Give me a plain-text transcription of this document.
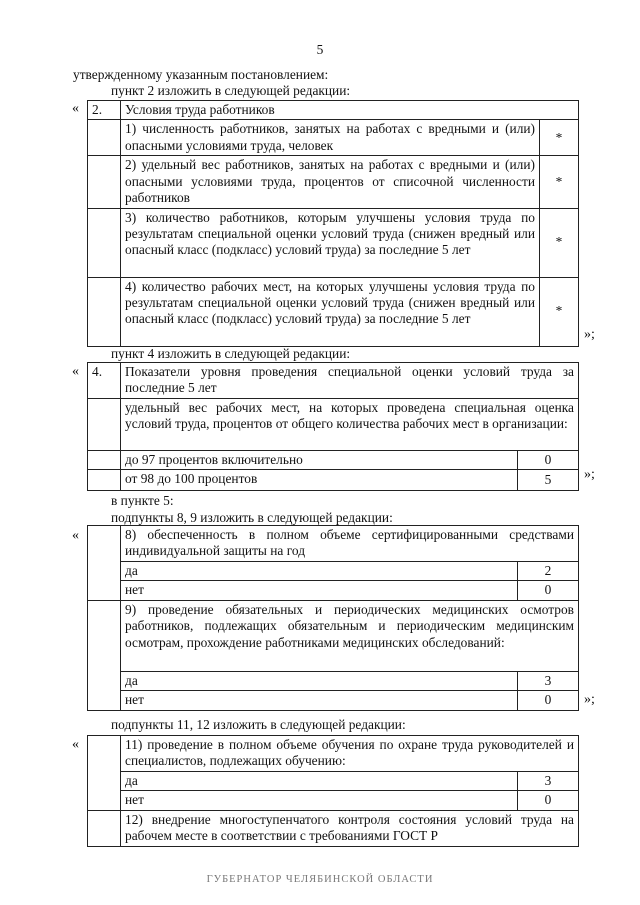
5
утвержденному указанным постановлением:
пункт 2 изложить в следующей редакции:
« 2.	Условия труда работников	
	1) численность работников, занятых на работах с вредными и (или) опасными условиями труда, человек	*
	2) удельный вес работников, занятых на работах с вредными и (или) опасными условиями труда, процентов от списочной численности работников	*
	3) количество работников, которым улучшены условия труда по результатам специальной оценки условий труда (снижен вредный или опасный класс (подкласс) условий труда) за последние 5 лет	*
	4) количество рабочих мест, на которых улучшены условия труда по результатам специальной оценки условий труда (снижен вредный или опасный класс (подкласс) условий труда) за последние 5 лет	*
»;
пункт 4 изложить в следующей редакции:
« 4.	Показатели уровня проведения специальной оценки условий труда за последние 5 лет	
	удельный вес рабочих мест, на которых проведена специальная оценка условий труда, процентов от общего количества рабочих мест в организации:	
	до 97 процентов включительно	0
	от 98 до 100 процентов	5 »;
в пункте 5:
подпункты 8, 9 изложить в следующей редакции:
«
		8) обеспеченность в полном объеме сертифицированными средствами индивидуальной защиты на год	
	да	2
	нет	0
	9) проведение обязательных и периодических медицинских осмотров работников, подлежащих обязательным и периодическим медицинским осмотрам, прохождение работниками медицинских обследований:	
	да	3
	нет	0 »;
подпункты 11, 12 изложить в следующей редакции:
«
		11) проведение в полном объеме обучения по охране труда руководителей и специалистов, подлежащих обучению:	
	да	3
	нет	0
	12) внедрение многоступенчатого контроля состояния условий труда на рабочем месте в соответствии с требованиями ГОСТ Р	
ГУБЕРНАТОР ЧЕЛЯБИНСКОЙ ОБЛАСТИ
